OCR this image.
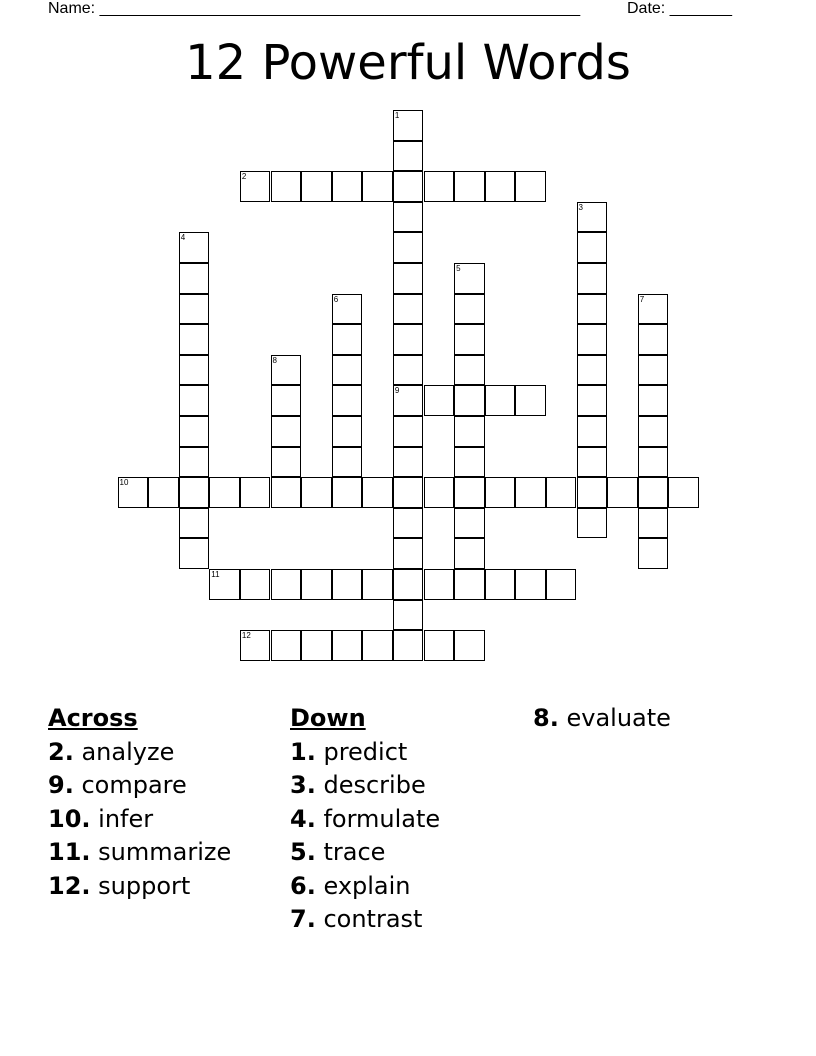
Name: ______________________________________________________	Date: _______
12 Powerful Words
1
9
2
3
4
5
6	7
8
10
11
12
Across
2. analyze
9. compare
10. infer
11. summarize
12. support
Down
1. predict
3. describe
4. formulate
5. trace
6. explain
7. contrast
8. evaluate
